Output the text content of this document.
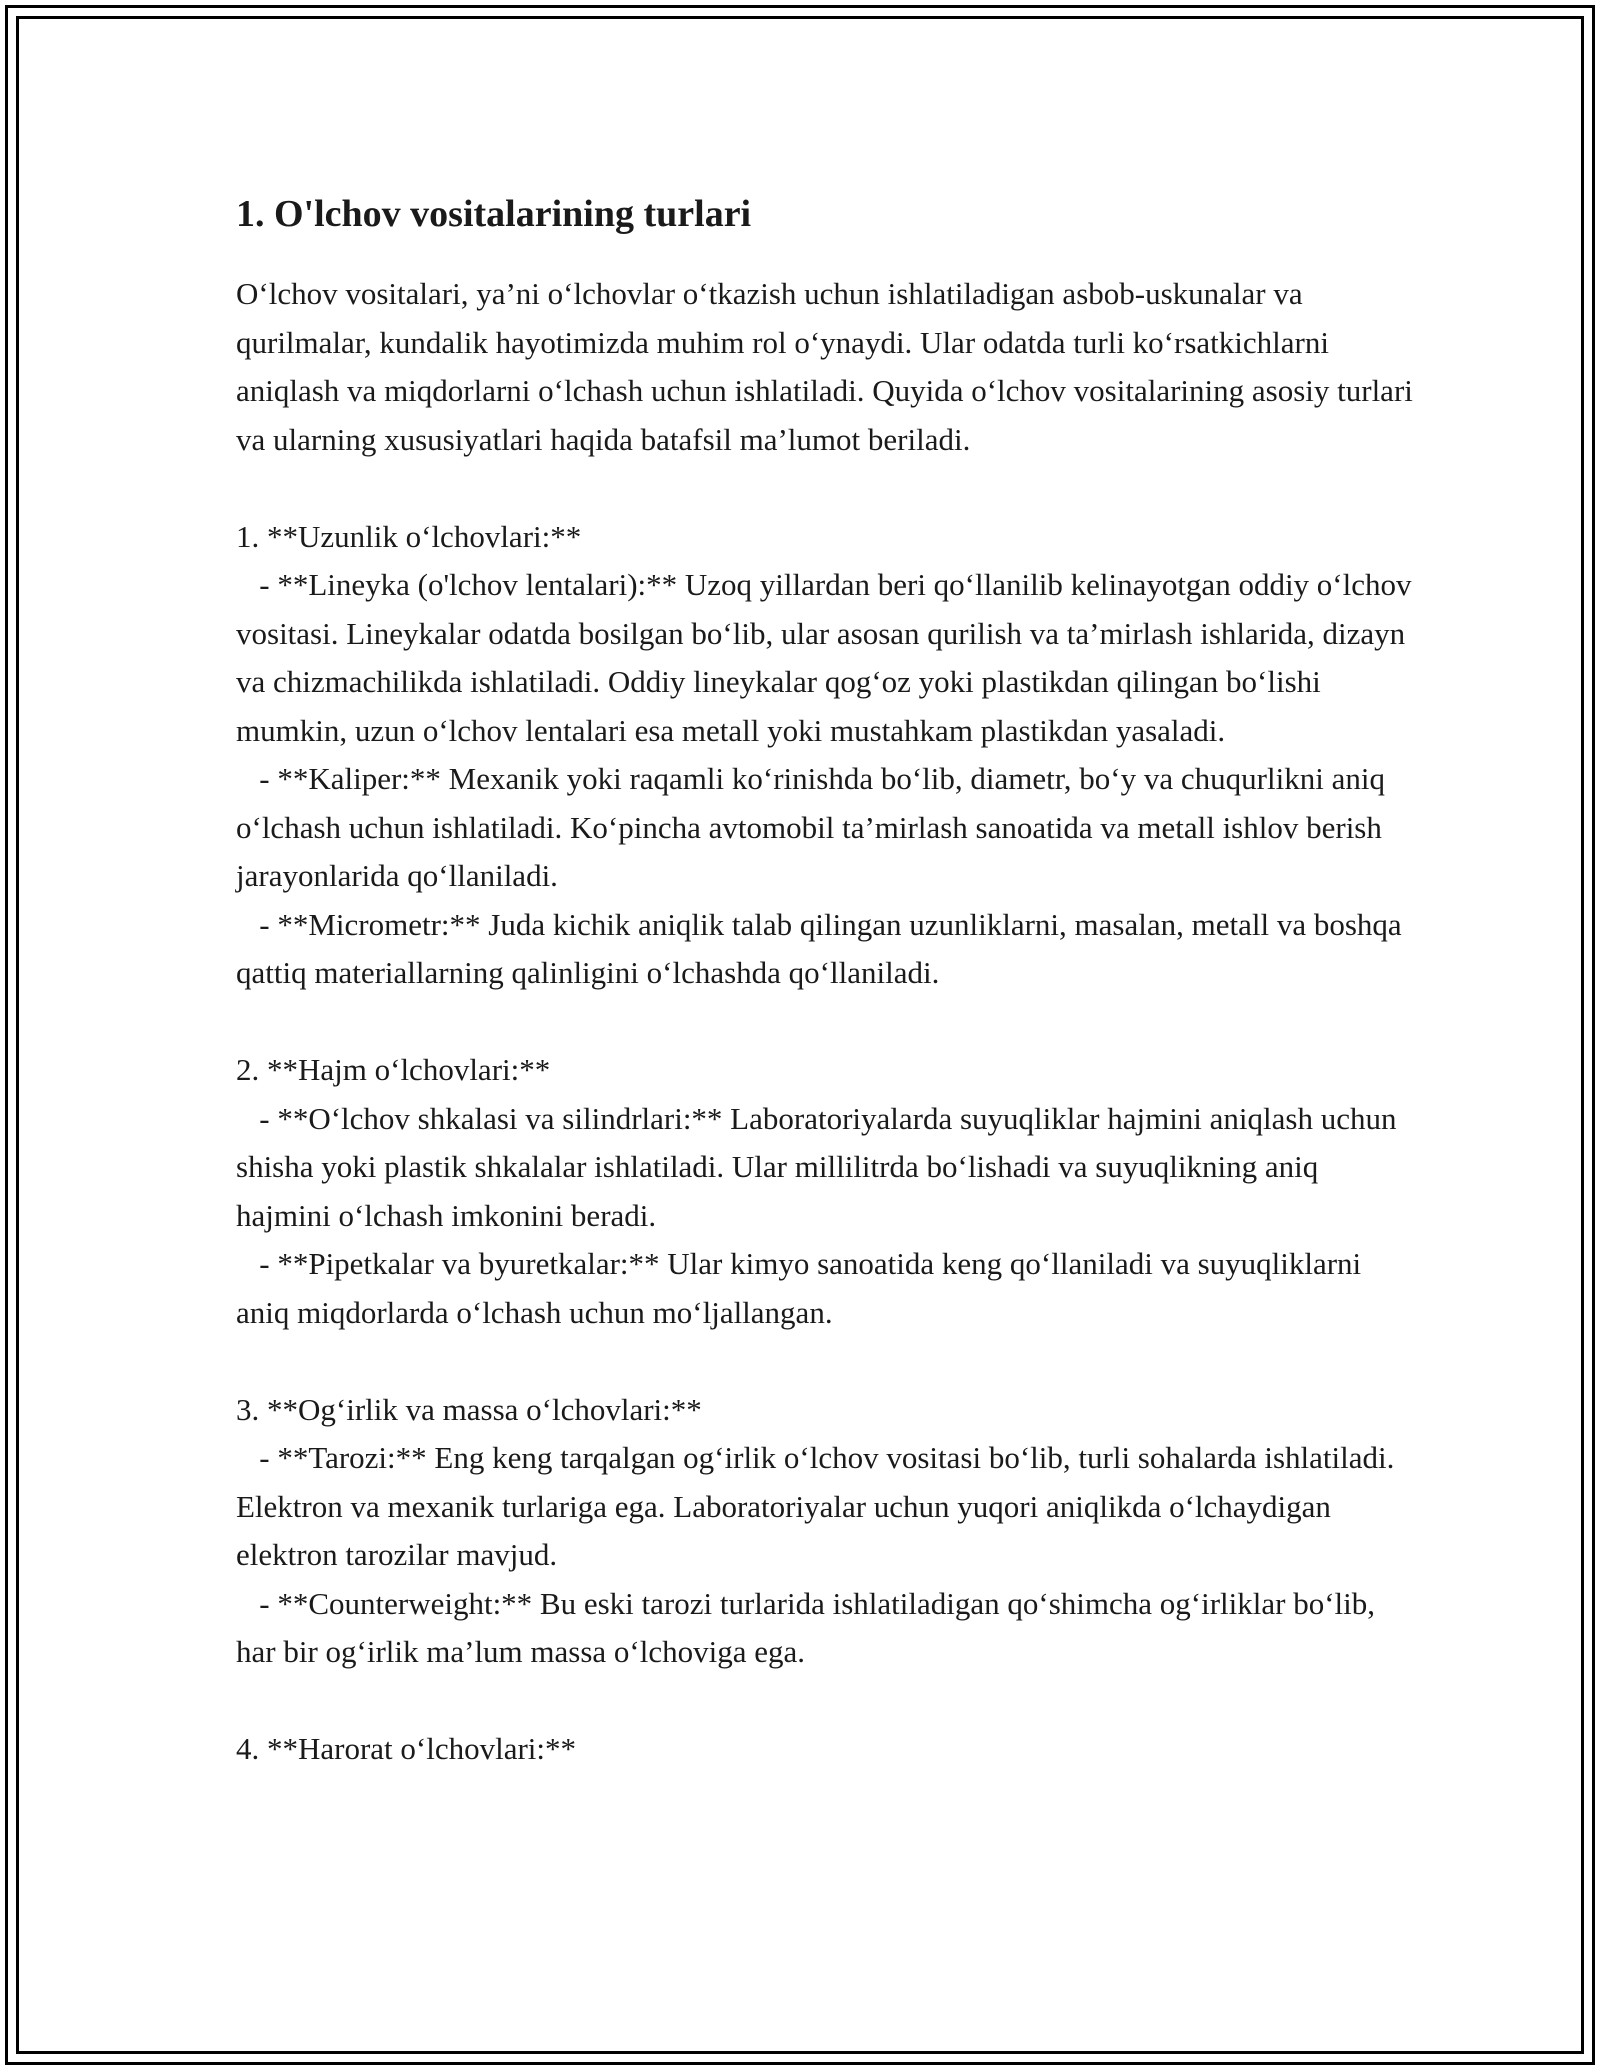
1. O'lchov vositalarining turlari

O‘lchov vositalari, ya’ni o‘lchovlar o‘tkazish uchun ishlatiladigan asbob-uskunalar va qurilmalar, kundalik hayotimizda muhim rol o‘ynaydi. Ular odatda turli ko‘rsatkichlarni aniqlash va miqdorlarni o‘lchash uchun ishlatiladi. Quyida o‘lchov vositalarining asosiy turlari va ularning xususiyatlari haqida batafsil ma’lumot beriladi.

1. **Uzunlik o‘lchovlari:**

- **Lineyka (o'lchov lentalari):** Uzoq yillardan beri qo‘llanilib kelinayotgan oddiy o‘lchov vositasi. Lineykalar odatda bosilgan bo‘lib, ular asosan qurilish va ta’mirlash ishlarida, dizayn va chizmachilikda ishlatiladi. Oddiy lineykalar qog‘oz yoki plastikdan qilingan bo‘lishi mumkin, uzun o‘lchov lentalari esa metall yoki mustahkam plastikdan yasaladi.

- **Kaliper:** Mexanik yoki raqamli ko‘rinishda bo‘lib, diametr, bo‘y va chuqurlikni aniq o‘lchash uchun ishlatiladi. Ko‘pincha avtomobil ta’mirlash sanoatida va metall ishlov berish jarayonlarida qo‘llaniladi.

- **Micrometr:** Juda kichik aniqlik talab qilingan uzunliklarni, masalan, metall va boshqa qattiq materiallarning qalinligini o‘lchashda qo‘llaniladi.

2. **Hajm o‘lchovlari:**

- **O‘lchov shkalasi va silindrlari:** Laboratoriyalarda suyuqliklar hajmini aniqlash uchun shisha yoki plastik shkalalar ishlatiladi. Ular millilitrda bo‘lishadi va suyuqlikning aniq hajmini o‘lchash imkonini beradi.

- **Pipetkalar va byuretkalar:** Ular kimyo sanoatida keng qo‘llaniladi va suyuqliklarni aniq miqdorlarda o‘lchash uchun mo‘ljallangan.

3. **Og‘irlik va massa o‘lchovlari:**

- **Tarozi:** Eng keng tarqalgan og‘irlik o‘lchov vositasi bo‘lib, turli sohalarda ishlatiladi. Elektron va mexanik turlariga ega. Laboratoriyalar uchun yuqori aniqlikda o‘lchaydigan elektron tarozilar mavjud.

- **Counterweight:** Bu eski tarozi turlarida ishlatiladigan qo‘shimcha og‘irliklar bo‘lib, har bir og‘irlik ma’lum massa o‘lchoviga ega.

4. **Harorat o‘lchovlari:**
